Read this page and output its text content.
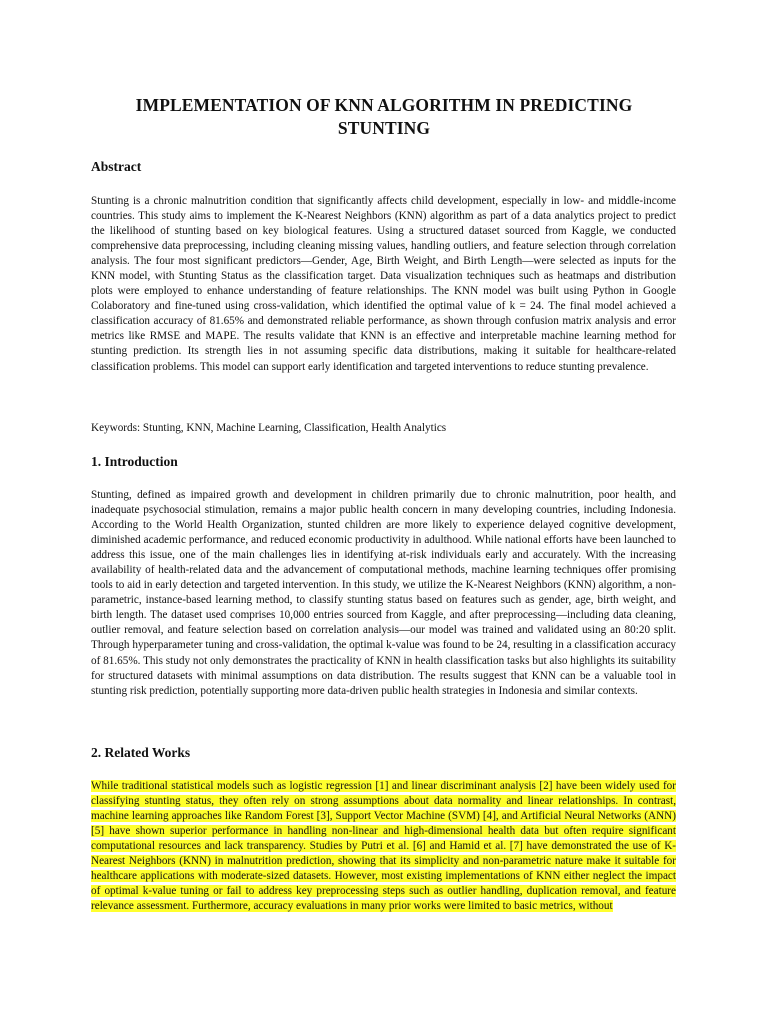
IMPLEMENTATION OF KNN ALGORITHM IN PREDICTING STUNTING
Abstract

Stunting is a chronic malnutrition condition that significantly affects child development, especially in low- and middle-income countries. This study aims to implement the K-Nearest Neighbors (KNN) algorithm as part of a data analytics project to predict the likelihood of stunting based on key biological features. Using a structured dataset sourced from Kaggle, we conducted comprehensive data preprocessing, including cleaning missing values, handling outliers, and feature selection through correlation analysis. The four most significant predictors—Gender, Age, Birth Weight, and Birth Length—were selected as inputs for the KNN model, with Stunting Status as the classification target. Data visualization techniques such as heatmaps and distribution plots were employed to enhance understanding of feature relationships. The KNN model was built using Python in Google Colaboratory and fine-tuned using cross-validation, which identified the optimal value of k = 24. The final model achieved a classification accuracy of 81.65% and demonstrated reliable performance, as shown through confusion matrix analysis and error metrics like RMSE and MAPE. The results validate that KNN is an effective and interpretable machine learning method for stunting prediction. Its strength lies in not assuming specific data distributions, making it suitable for healthcare-related classification problems. This model can support early identification and targeted interventions to reduce stunting prevalence.

Keywords: Stunting, KNN, Machine Learning, Classification, Health Analytics

1. Introduction

Stunting, defined as impaired growth and development in children primarily due to chronic malnutrition, poor health, and inadequate psychosocial stimulation, remains a major public health concern in many developing countries, including Indonesia. According to the World Health Organization, stunted children are more likely to experience delayed cognitive development, diminished academic performance, and reduced economic productivity in adulthood. While national efforts have been launched to address this issue, one of the main challenges lies in identifying at-risk individuals early and accurately. With the increasing availability of health-related data and the advancement of computational methods, machine learning techniques offer promising tools to aid in early detection and targeted intervention. In this study, we utilize the K-Nearest Neighbors (KNN) algorithm, a non-parametric, instance-based learning method, to classify stunting status based on features such as gender, age, birth weight, and birth length. The dataset used comprises 10,000 entries sourced from Kaggle, and after preprocessing—including data cleaning, outlier removal, and feature selection based on correlation analysis—our model was trained and validated using an 80:20 split. Through hyperparameter tuning and cross-validation, the optimal k-value was found to be 24, resulting in a classification accuracy of 81.65%. This study not only demonstrates the practicality of KNN in health classification tasks but also highlights its suitability for structured datasets with minimal assumptions on data distribution. The results suggest that KNN can be a valuable tool in stunting risk prediction, potentially supporting more data-driven public health strategies in Indonesia and similar contexts.

2. Related Works

While traditional statistical models such as logistic regression [1] and linear discriminant analysis [2] have been widely used for classifying stunting status, they often rely on strong assumptions about data normality and linear relationships. In contrast, machine learning approaches like Random Forest [3], Support Vector Machine (SVM) [4], and Artificial Neural Networks (ANN) [5] have shown superior performance in handling non-linear and high-dimensional health data but often require significant computational resources and lack transparency. Studies by Putri et al. [6] and Hamid et al. [7] have demonstrated the use of K-Nearest Neighbors (KNN) in malnutrition prediction, showing that its simplicity and non-parametric nature make it suitable for healthcare applications with moderate-sized datasets. However, most existing implementations of KNN either neglect the impact of optimal k-value tuning or fail to address key preprocessing steps such as outlier handling, duplication removal, and feature relevance assessment. Furthermore, accuracy evaluations in many prior works were limited to basic metrics, without
